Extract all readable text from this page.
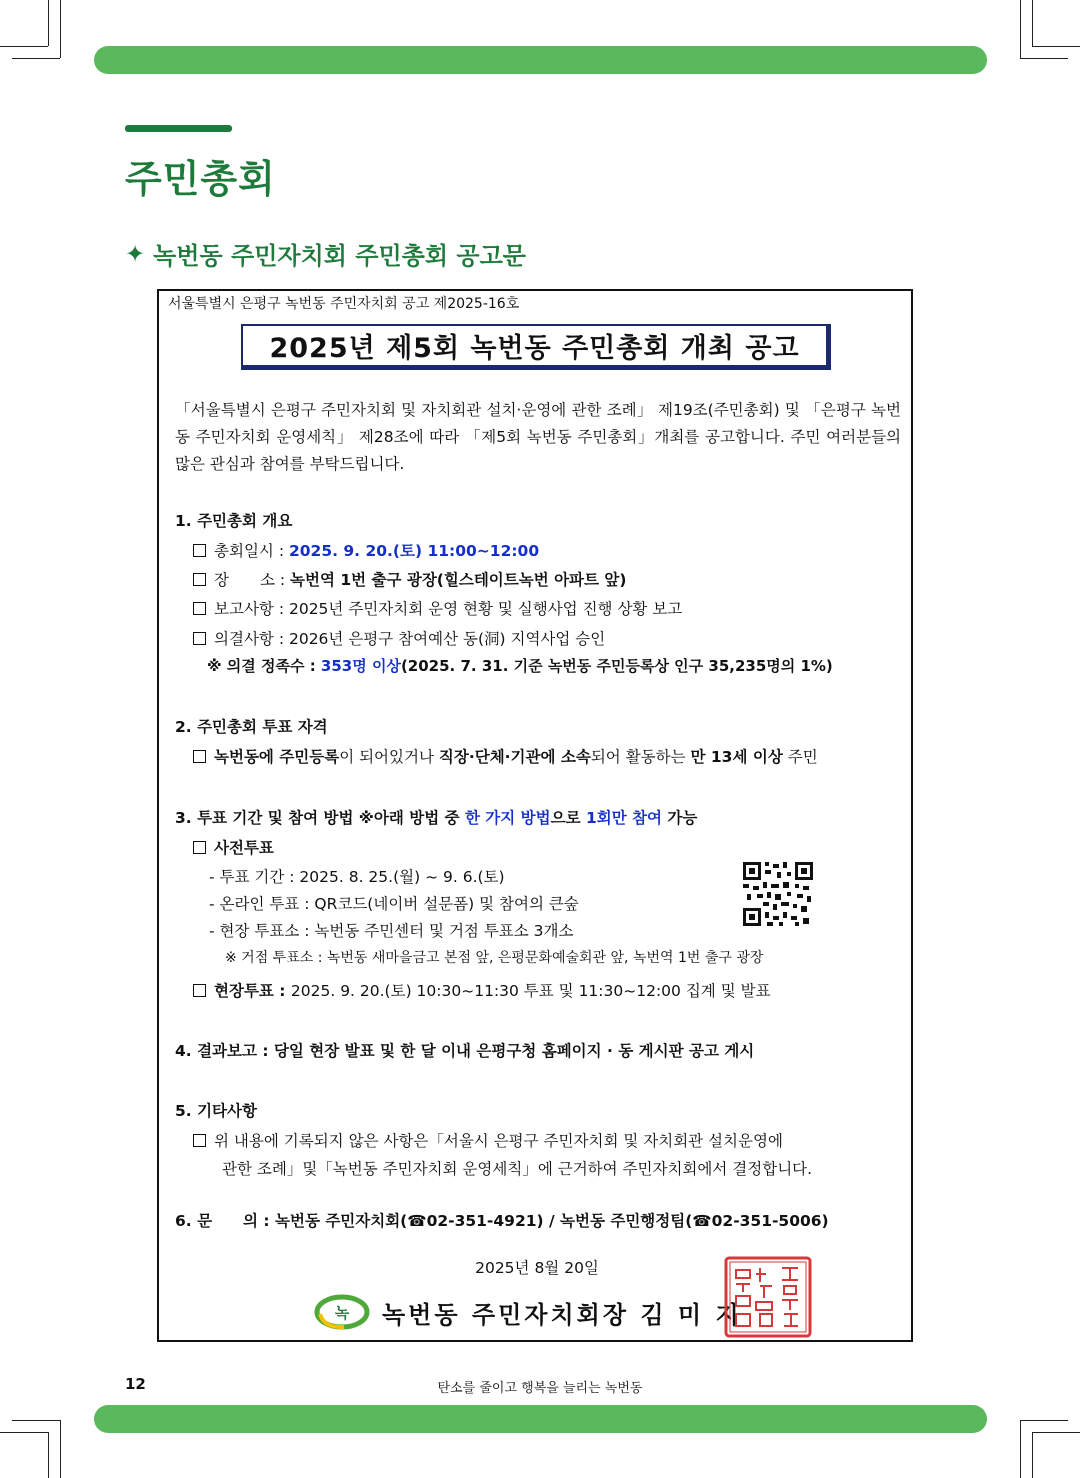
주민총회
✦ 녹번동 주민자치회 주민총회 공고문
서울특별시 은평구 녹번동 주민자치회 공고 제2025-16호
2025년 제5회 녹번동 주민총회 개최 공고
「서울특별시 은평구 주민자치회 및 자치회관 설치·운영에 관한 조례」 제19조(주민총회) 및 「은평구 녹번동 주민자치회 운영세칙」 제28조에 따라 「제5회 녹번동 주민총회」개최를 공고합니다. 주민 여러분들의 많은 관심과 참여를 부탁드립니다.
1. 주민총회 개요
총회일시 : 2025. 9. 20.(토) 11:00~12:00
장　　소 : 녹번역 1번 출구 광장(힐스테이트녹번 아파트 앞)
보고사항 : 2025년 주민자치회 운영 현황 및 실행사업 진행 상황 보고
의결사항 : 2026년 은평구 참여예산 동(洞) 지역사업 승인
※ 의결 정족수 : 353명 이상(2025. 7. 31. 기준 녹번동 주민등록상 인구 35,235명의 1%)
2. 주민총회 투표 자격
녹번동에 주민등록이 되어있거나 직장·단체·기관에 소속되어 활동하는 만 13세 이상 주민
3. 투표 기간 및 참여 방법 ※아래 방법 중 한 가지 방법으로 1회만 참여 가능
사전투표
- 투표 기간 : 2025. 8. 25.(월) ~ 9. 6.(토)
- 온라인 투표 : QR코드(네이버 설문폼) 및 참여의 큰숲
- 현장 투표소 : 녹번동 주민센터 및 거점 투표소 3개소
※ 거점 투표소 : 녹번동 새마을금고 본점 앞, 은평문화예술회관 앞, 녹번역 1번 출구 광장
현장투표 : 2025. 9. 20.(토) 10:30~11:30 투표 및 11:30~12:00 집계 및 발표
4. 결과보고 : 당일 현장 발표 및 한 달 이내 은평구청 홈페이지 · 동 게시판 공고 게시
5. 기타사항
위 내용에 기록되지 않은 사항은「서울시 은평구 주민자치회 및 자치회관 설치운영에
관한 조례」및「녹번동 주민자치회 운영세칙」에 근거하여 주민자치회에서 결정합니다.
6. 문　　의 : 녹번동 주민자치회(☎02-351-4921) / 녹번동 주민행정팀(☎02-351-5006)
2025년 8월 20일
녹 녹번동 주민자치회장 김 미 지
12	탄소를 줄이고 행복을 늘리는 녹번동
